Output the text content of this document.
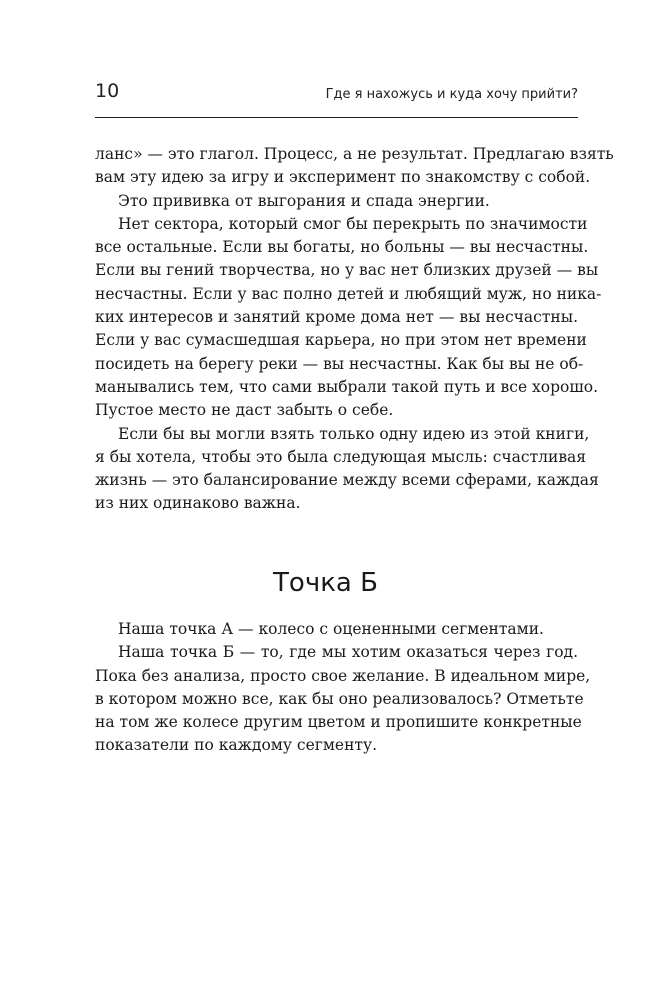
10	Где я нахожусь и куда хочу прийти?
ланс» — это глагол. Процесс, а не результат. Предлагаю взять
вам эту идею за игру и эксперимент по знакомству с собой.
Это прививка от выгорания и спада энергии.
Нет сектора, который смог бы перекрыть по значимости
все остальные. Если вы богаты, но больны — вы несчастны.
Если вы гений творчества, но у вас нет близких друзей — вы
несчастны. Если у вас полно детей и любящий муж, но ника-
ких интересов и занятий кроме дома нет — вы несчастны.
Если у вас сумасшедшая карьера, но при этом нет времени
посидеть на берегу реки — вы несчастны. Как бы вы не об-
манывались тем, что сами выбрали такой путь и все хорошо.
Пустое место не даст забыть о себе.
Если бы вы могли взять только одну идею из этой книги,
я бы хотела, чтобы это была следующая мысль: счастливая
жизнь — это балансирование между всеми сферами, каждая
из них одинаково важна.
Точка Б
Наша точка А — колесо с оцененными сегментами.
Наша точка Б — то, где мы хотим оказаться через год.
Пока без анализа, просто свое желание. В идеальном мире,
в котором можно все, как бы оно реализовалось? Отметьте
на том же колесе другим цветом и пропишите конкретные
показатели по каждому сегменту.
